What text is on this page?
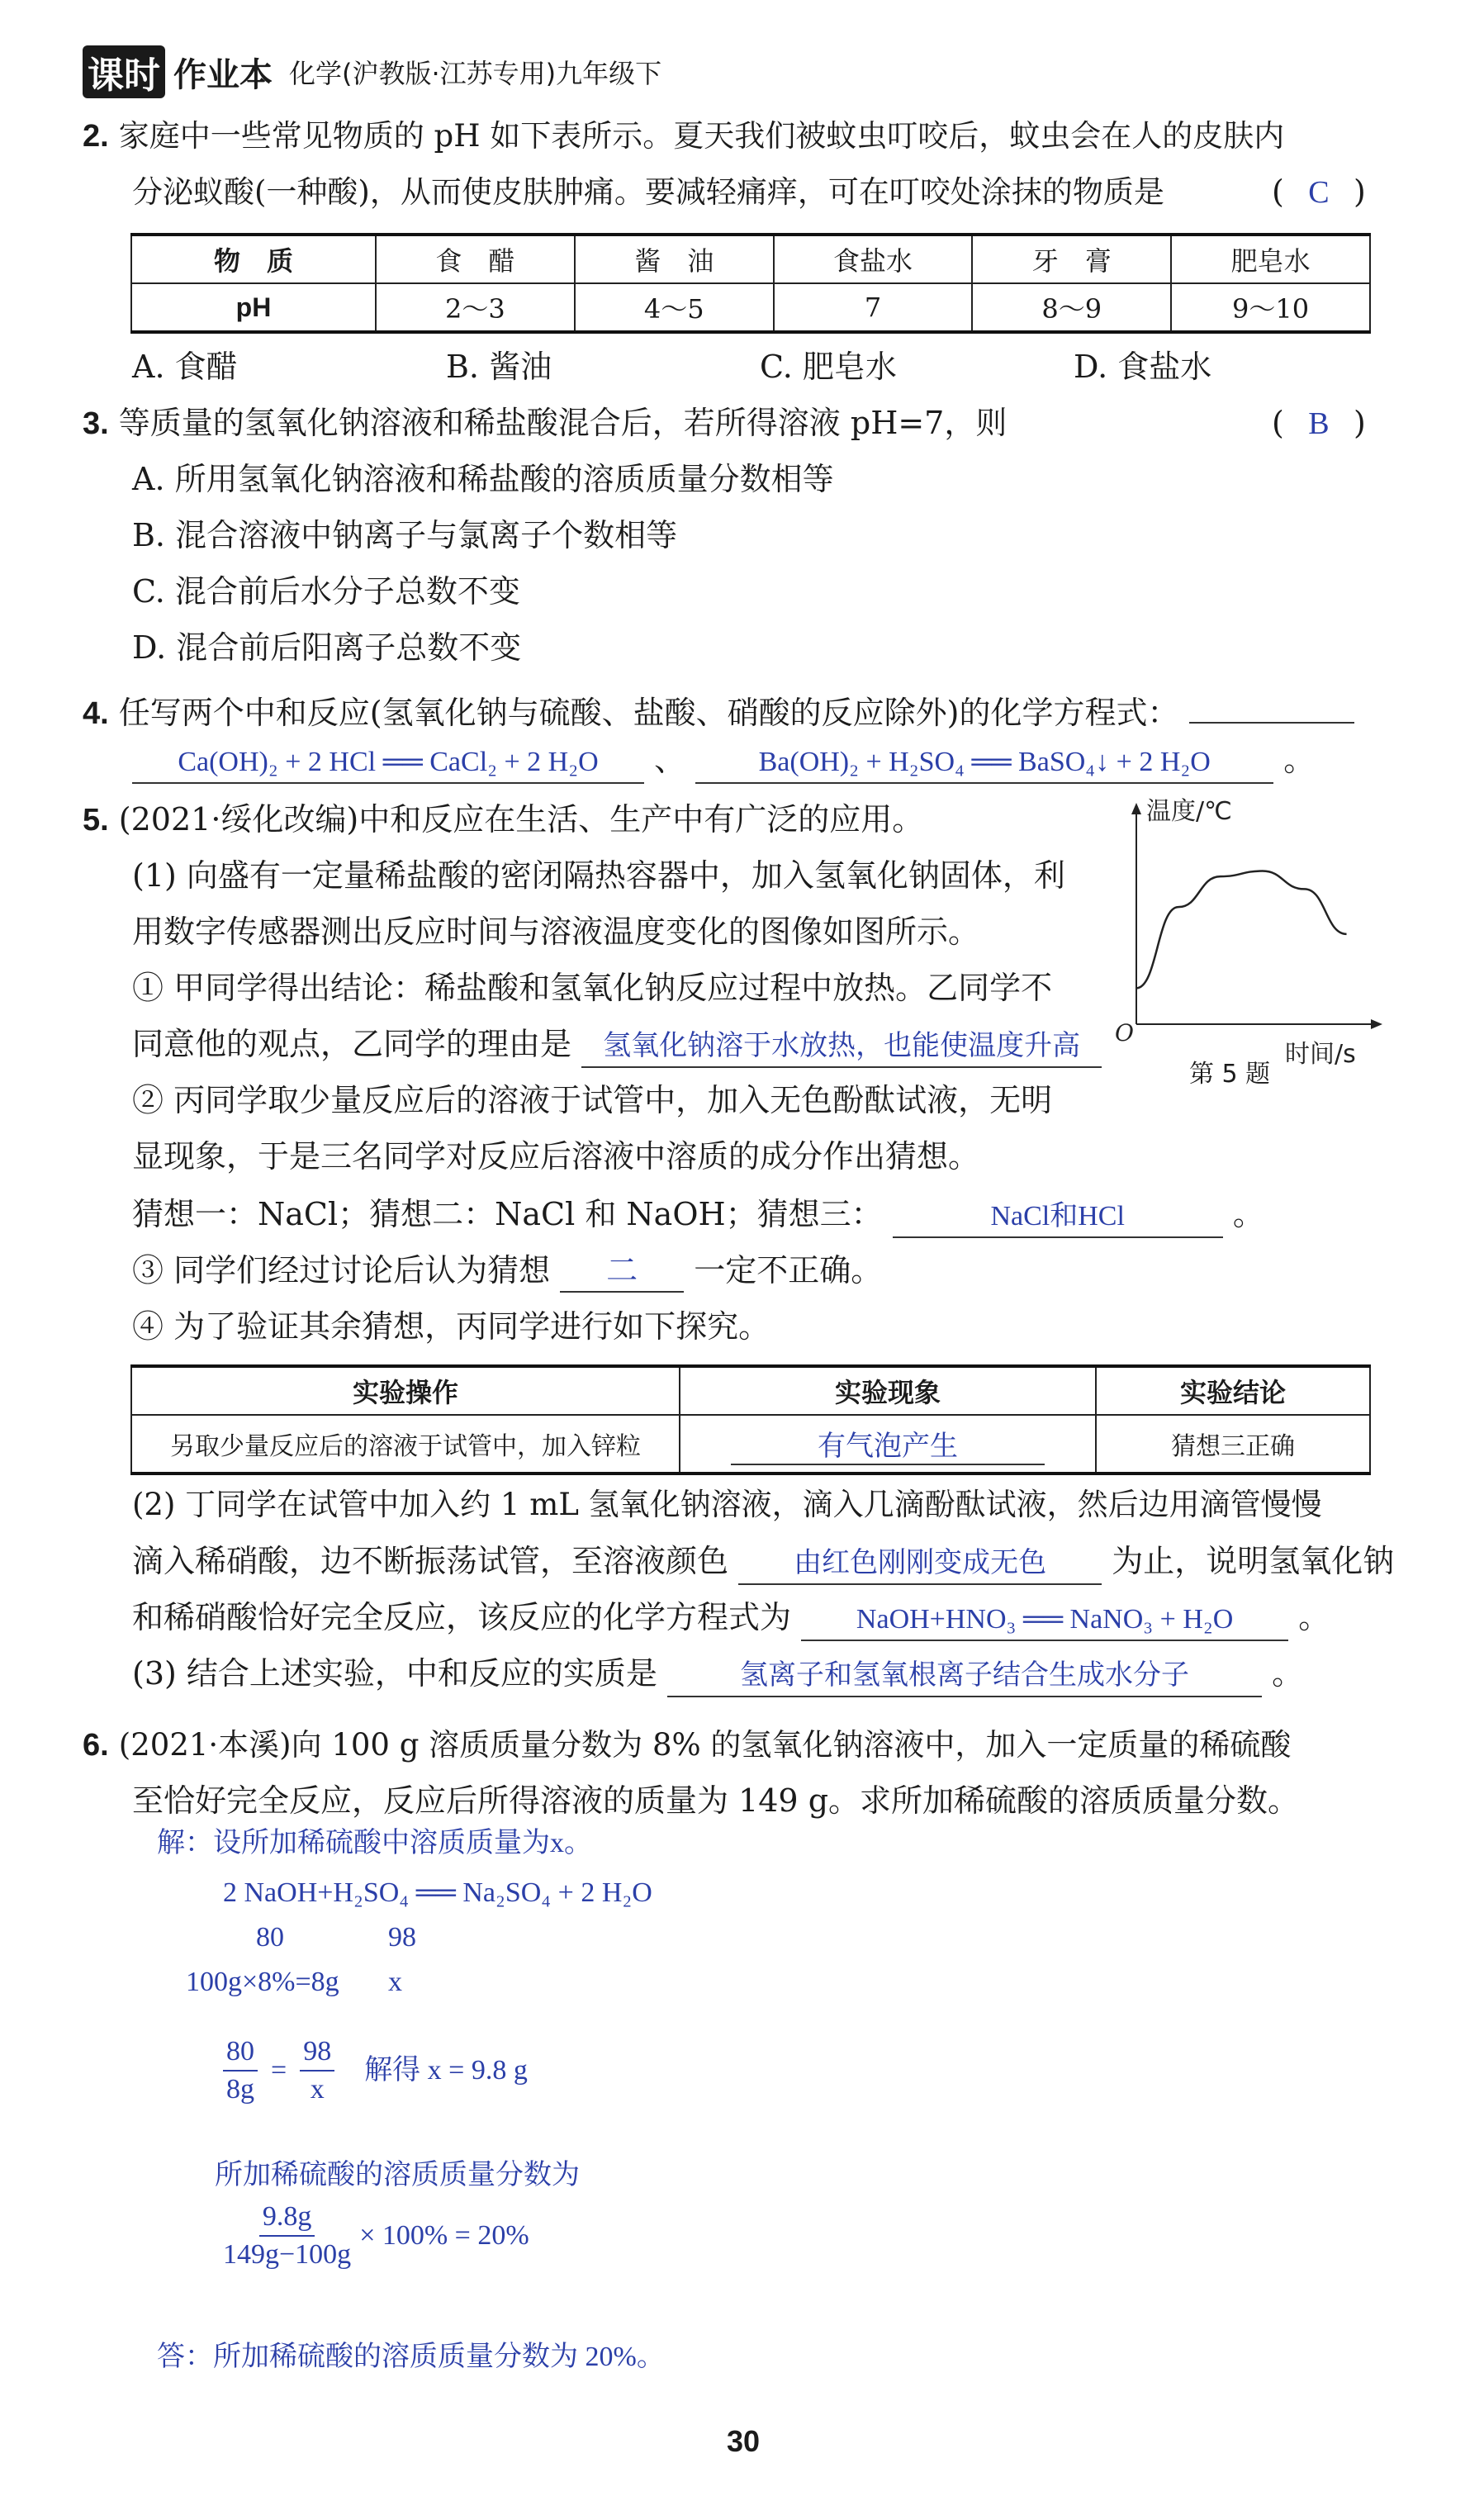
课时 作业本 化学(沪教版·江苏专用)九年级下
2. 家庭中一些常见物质的 pH 如下表所示。夏天我们被蚊虫叮咬后，蚊虫会在人的皮肤内
分泌蚁酸(一种酸)，从而使皮肤肿痛。要减轻痛痒，可在叮咬处涂抹的物质是	( C )
物　质	食　醋	酱　油	食盐水	牙　膏	肥皂水
pH	2～3	4～5	7	8～9	9～10
A. 食醋	B. 酱油	C. 肥皂水	D. 食盐水
3. 等质量的氢氧化钠溶液和稀盐酸混合后，若所得溶液 pH=7，则	( B )
A. 所用氢氧化钠溶液和稀盐酸的溶质质量分数相等
B. 混合溶液中钠离子与氯离子个数相等
C. 混合前后水分子总数不变
D. 混合前后阳离子总数不变
4. 任写两个中和反应(氢氧化钠与硫酸、盐酸、硝酸的反应除外)的化学方程式：
Ca(OH)₂ + 2 HCl ══ CaCl₂ + 2 H₂O 、	Ba(OH)₂ + H₂SO₄ ══ BaSO₄↓ + 2 H₂O 。
5. (2021·绥化改编)中和反应在生活、生产中有广泛的应用。
(1) 向盛有一定量稀盐酸的密闭隔热容器中，加入氢氧化钠固体，利
用数字传感器测出反应时间与溶液温度变化的图像如图所示。
① 甲同学得出结论：稀盐酸和氢氧化钠反应过程中放热。乙同学不
同意他的观点，乙同学的理由是 氢氧化钠溶于水放热，也能使温度升高
② 丙同学取少量反应后的溶液于试管中，加入无色酚酞试液，无明
显现象，于是三名同学对反应后溶液中溶质的成分作出猜想。
猜想一：NaCl；猜想二：NaCl 和 NaOH；猜想三：	NaCl和HCl	。
③ 同学们经过讨论后认为猜想 二 一定不正确。
④ 为了验证其余猜想，丙同学进行如下探究。
温度/℃
时间/s
O
第 5 题
实验操作	实验现象	实验结论
另取少量反应后的溶液于试管中，加入锌粒	有气泡产生	猜想三正确
(2) 丁同学在试管中加入约 1 mL 氢氧化钠溶液，滴入几滴酚酞试液，然后边用滴管慢慢
滴入稀硝酸，边不断振荡试管，至溶液颜色 由红色刚刚变成无色 为止，说明氢氧化钠
和稀硝酸恰好完全反应，该反应的化学方程式为 NaOH+HNO₃ ══ NaNO₃ + H₂O 。
(3) 结合上述实验，中和反应的实质是	氢离子和氢氧根离子结合生成水分子	。
6. (2021·本溪)向 100 g 溶质质量分数为 8% 的氢氧化钠溶液中，加入一定质量的稀硫酸
至恰好完全反应，反应后所得溶液的质量为 149 g。求所加稀硫酸的溶质质量分数。
解：设所加稀硫酸中溶质质量为x。
2 NaOH+H₂SO₄ ══ Na₂SO₄ + 2 H₂O
80	98
100g×8%=8g	x
$\frac{80}{8g} = \frac{98}{x}$ 解得 x = 9.8 g
所加稀硫酸的溶质质量分数为
$\frac{9.8g}{149g-100g} \times 100\% = 20\%$
答：所加稀硫酸的溶质质量分数为 20%。
30
